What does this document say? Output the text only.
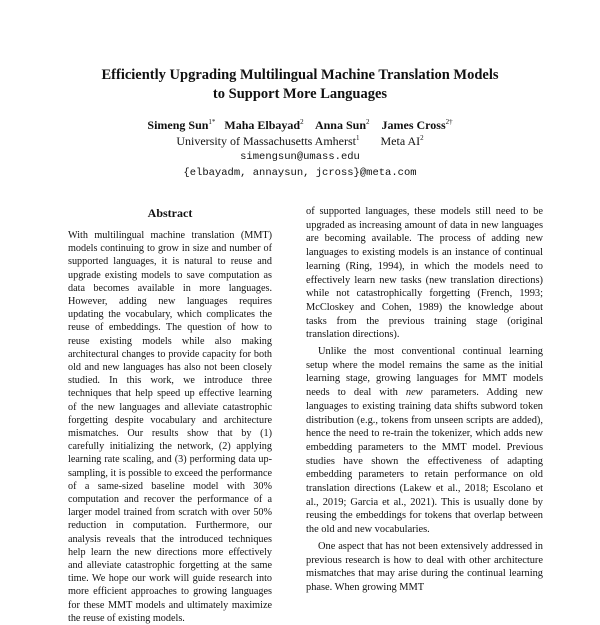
Efficiently Upgrading Multilingual Machine Translation Models
to Support More Languages
Simeng Sun$^{1*}$ Maha Elbayad$^2$ Anna Sun$^2$ James Cross$^{2\dagger}$
University of Massachusetts Amherst$^1$ Meta $AI^2$
simengsun@umass.edu
{elbayadm, annaysun, jcross}@meta.com
Abstract

With multilingual machine translation (MMT) models continuing to grow in size and number of supported languages, it is natural to reuse and upgrade existing models to save computation as data becomes available in more languages. However, adding new languages requires updating the vocabulary, which complicates the reuse of embeddings. The question of how to reuse existing models while also making architectural changes to provide capacity for both old and new languages has also not been closely studied. In this work, we introduce three techniques that help speed up effective learning of the new languages and alleviate catastrophic forgetting despite vocabulary and architecture mismatches. Our results show that by (1) carefully initializing the network, (2) applying learning rate scaling, and (3) performing data up-sampling, it is possible to exceed the performance of a same-sized baseline model with 30% computation and recover the performance of a larger model trained from scratch with over 50% reduction in computation. Furthermore, our analysis reveals that the introduced techniques help learn the new directions more effectively and alleviate catastrophic forgetting at the same time. We hope our work will guide research into more efficient approaches to growing languages for these MMT models and ultimately maximize the reuse of existing models.

of supported languages, these models still need to be upgraded as increasing amount of data in new languages are becoming available. The process of adding new languages to existing models is an instance of continual learning (Ring, 1994), in which the models need to effectively learn new tasks (new translation directions) while not catastrophically forgetting (French, 1993; McCloskey and Cohen, 1989) the knowledge about tasks from the previous training stage (original translation directions).

Unlike the most conventional continual learning setup where the model remains the same as the initial learning stage, growing languages for MMT models needs to deal with new parameters. Adding new languages to existing training data shifts subword token distribution (e.g., tokens from unseen scripts are added), hence the need to re-train the tokenizer, which adds new embedding parameters to the MMT model. Previous studies have shown the effectiveness of adapting embedding parameters to retain performance on old translation directions (Lakew et al., 2018; Escolano et al., 2019; Garcia et al., 2021). This is usually done by reusing the embeddings for tokens that overlap between the old and new vocabularies.

One aspect that has not been extensively addressed in previous research is how to deal with other architecture mismatches that may arise during the continual learning phase. When growing MMT
